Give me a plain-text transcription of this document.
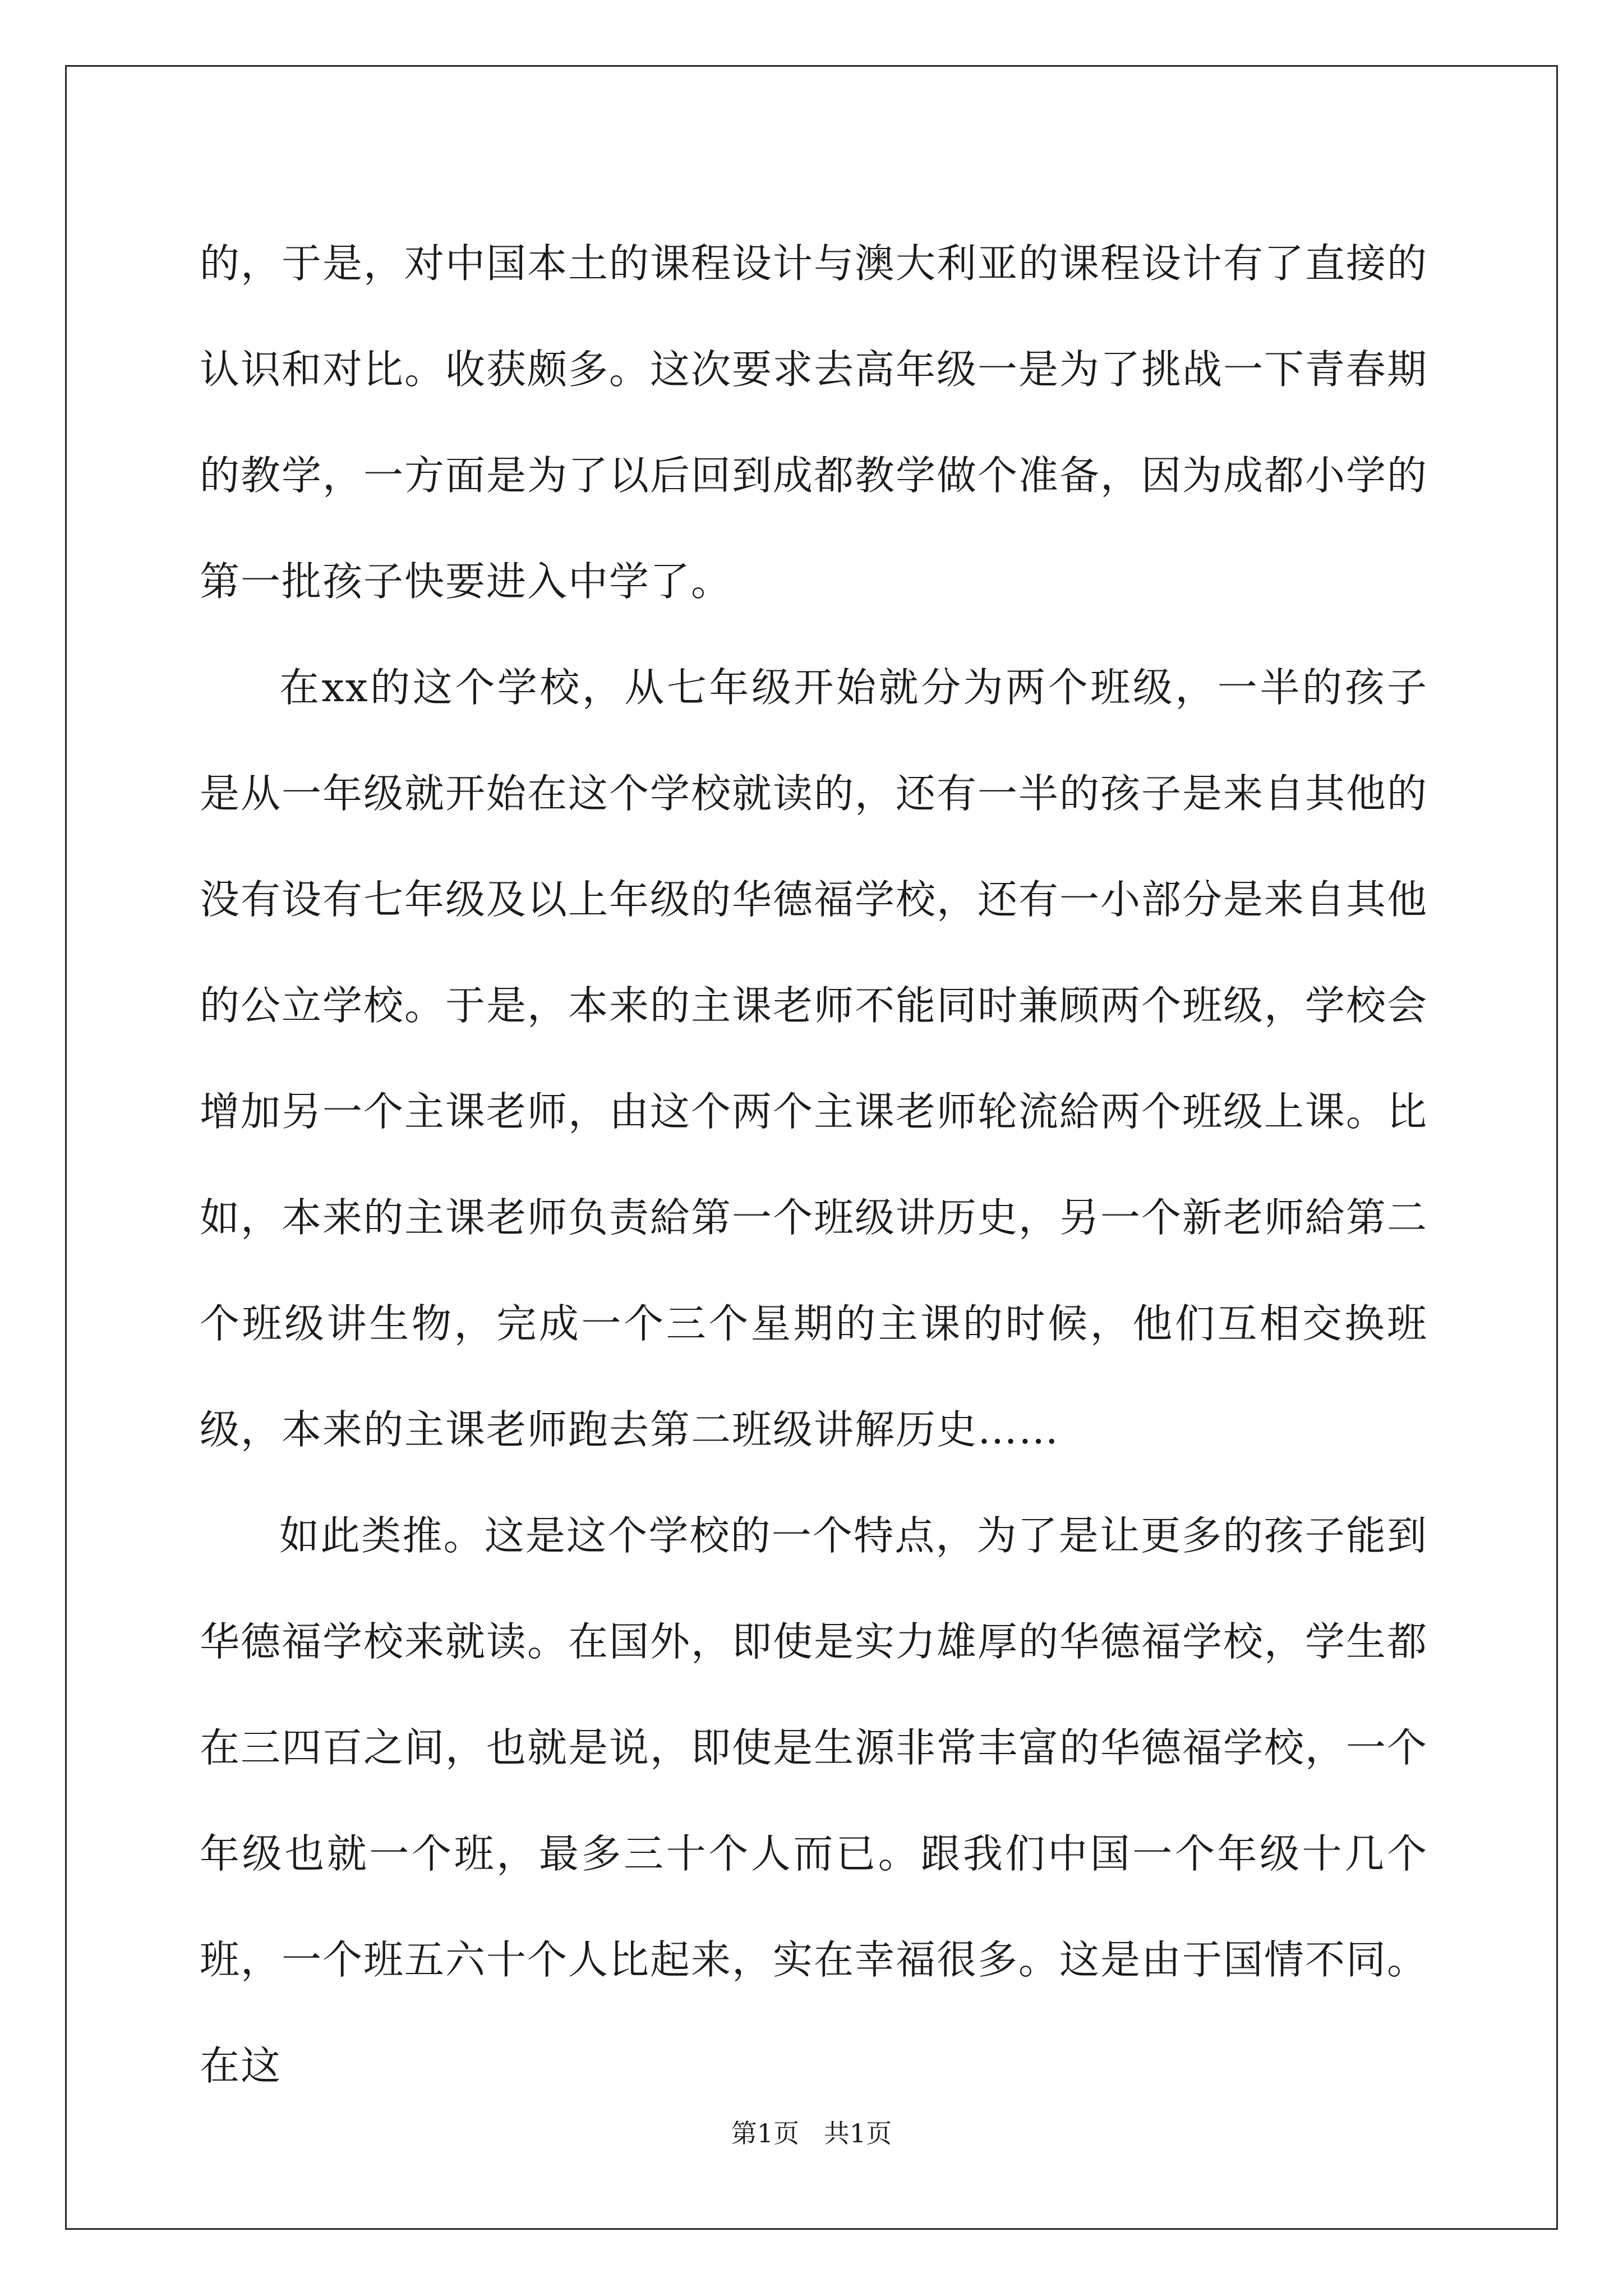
的，于是，对中国本土的课程设计与澳大利亚的课程设计有了直接的认识和对比。收获颇多。这次要求去高年级一是为了挑战一下青春期的教学，一方面是为了以后回到成都教学做个准备，因为成都小学的第一批孩子快要进入中学了。

在xx的这个学校，从七年级开始就分为两个班级，一半的孩子是从一年级就开始在这个学校就读的，还有一半的孩子是来自其他的没有设有七年级及以上年级的华德福学校，还有一小部分是来自其他的公立学校。于是，本来的主课老师不能同时兼顾两个班级，学校会增加另一个主课老师，由这个两个主课老师轮流給两个班级上课。比如，本来的主课老师负责給第一个班级讲历史，另一个新老师給第二个班级讲生物，完成一个三个星期的主课的时候，他们互相交换班级，本来的主课老师跑去第二班级讲解历史……

如此类推。这是这个学校的一个特点，为了是让更多的孩子能到华德福学校来就读。在国外，即使是实力雄厚的华德福学校，学生都在三四百之间，也就是说，即使是生源非常丰富的华德福学校，一个年级也就一个班，最多三十个人而已。跟我们中国一个年级十几个班，一个班五六十个人比起来，实在幸福很多。这是由于国情不同。在这

第1页   共1页
